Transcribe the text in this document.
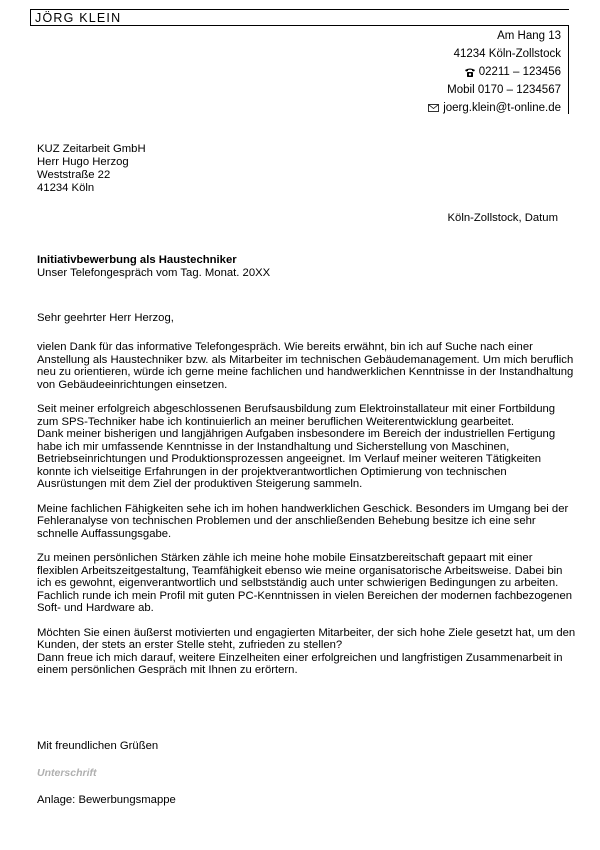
JÖRG KLEIN
Am Hang 13
41234 Köln-Zollstock
02211 – 123456
Mobil 0170 – 1234567
joerg.klein@t-online.de
KUZ Zeitarbeit GmbH
Herr Hugo Herzog
Weststraße 22
41234 Köln
Köln-Zollstock, Datum
Initiativbewerbung als Haustechniker
Unser Telefongespräch vom Tag. Monat. 20XX
Sehr geehrter Herr Herzog,

vielen Dank für das informative Telefongespräch. Wie bereits erwähnt, bin ich auf Suche nach einer Anstellung als Haustechniker bzw. als Mitarbeiter im technischen Gebäudemanagement. Um mich beruflich neu zu orientieren, würde ich gerne meine fachlichen und handwerklichen Kenntnisse in der Instandhaltung von Gebäudeeinrichtungen einsetzen.

Seit meiner erfolgreich abgeschlossenen Berufsausbildung zum Elektroinstallateur mit einer Fortbildung zum SPS-Techniker habe ich kontinuierlich an meiner beruflichen Weiterentwicklung gearbeitet.

Dank meiner bisherigen und langjährigen Aufgaben insbesondere im Bereich der industriellen Fertigung habe ich mir umfassende Kenntnisse in der Instandhaltung und Sicherstellung von Maschinen, Betriebseinrichtungen und Produktionsprozessen angeeignet. Im Verlauf meiner weiteren Tätigkeiten konnte ich vielseitige Erfahrungen in der projektverantwortlichen Optimierung von technischen Ausrüstungen mit dem Ziel der produktiven Steigerung sammeln.

Meine fachlichen Fähigkeiten sehe ich im hohen handwerklichen Geschick. Besonders im Umgang bei der Fehleranalyse von technischen Problemen und der anschließenden Behebung besitze ich eine sehr schnelle Auffassungsgabe.

Zu meinen persönlichen Stärken zähle ich meine hohe mobile Einsatzbereitschaft gepaart mit einer flexiblen Arbeitszeitgestaltung, Teamfähigkeit ebenso wie meine organisatorische Arbeitsweise. Dabei bin ich es gewohnt, eigenverantwortlich und selbstständig auch unter schwierigen Bedingungen zu arbeiten. Fachlich runde ich mein Profil mit guten PC-Kenntnissen in vielen Bereichen der modernen fachbezogenen Soft- und Hardware ab.

Möchten Sie einen äußerst motivierten und engagierten Mitarbeiter, der sich hohe Ziele gesetzt hat, um den Kunden, der stets an erster Stelle steht, zufrieden zu stellen?

Dann freue ich mich darauf, weitere Einzelheiten einer erfolgreichen und langfristigen Zusammenarbeit in einem persönlichen Gespräch mit Ihnen zu erörtern.

Mit freundlichen Grüßen
Unterschrift
Anlage: Bewerbungsmappe
